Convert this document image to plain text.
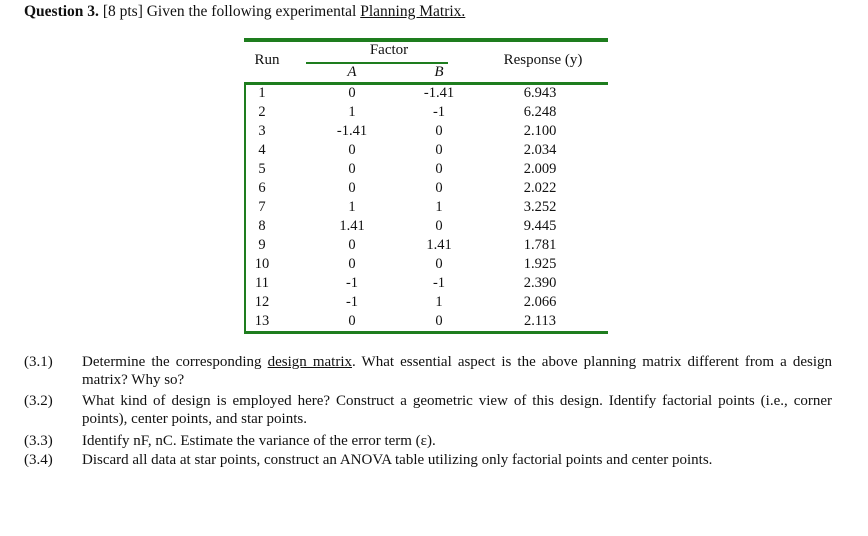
Question 3. [8 pts] Given the following experimental Planning Matrix.
Run
Factor
A	B
Response (y)
1	0	-1.41	6.943
2	1	-1	6.248
3	-1.41	0	2.100
4	0	0	2.034
5	0	0	2.009
6	0	0	2.022
7	1	1	3.252
8	1.41	0	9.445
9	0	1.41	1.781
10	0	0	1.925
11	-1	-1	2.390
12	-1	1	2.066
13	0	0	2.113
(3.1) Determine the corresponding design matrix. What essential aspect is the above planning matrix different from a design matrix? Why so?
(3.2) What kind of design is employed here? Construct a geometric view of this design. Identify factorial points (i.e., corner points), center points, and star points.
(3.3) Identify nF, nC. Estimate the variance of the error term (ε).
(3.4) Discard all data at star points, construct an ANOVA table utilizing only factorial points and center points.
